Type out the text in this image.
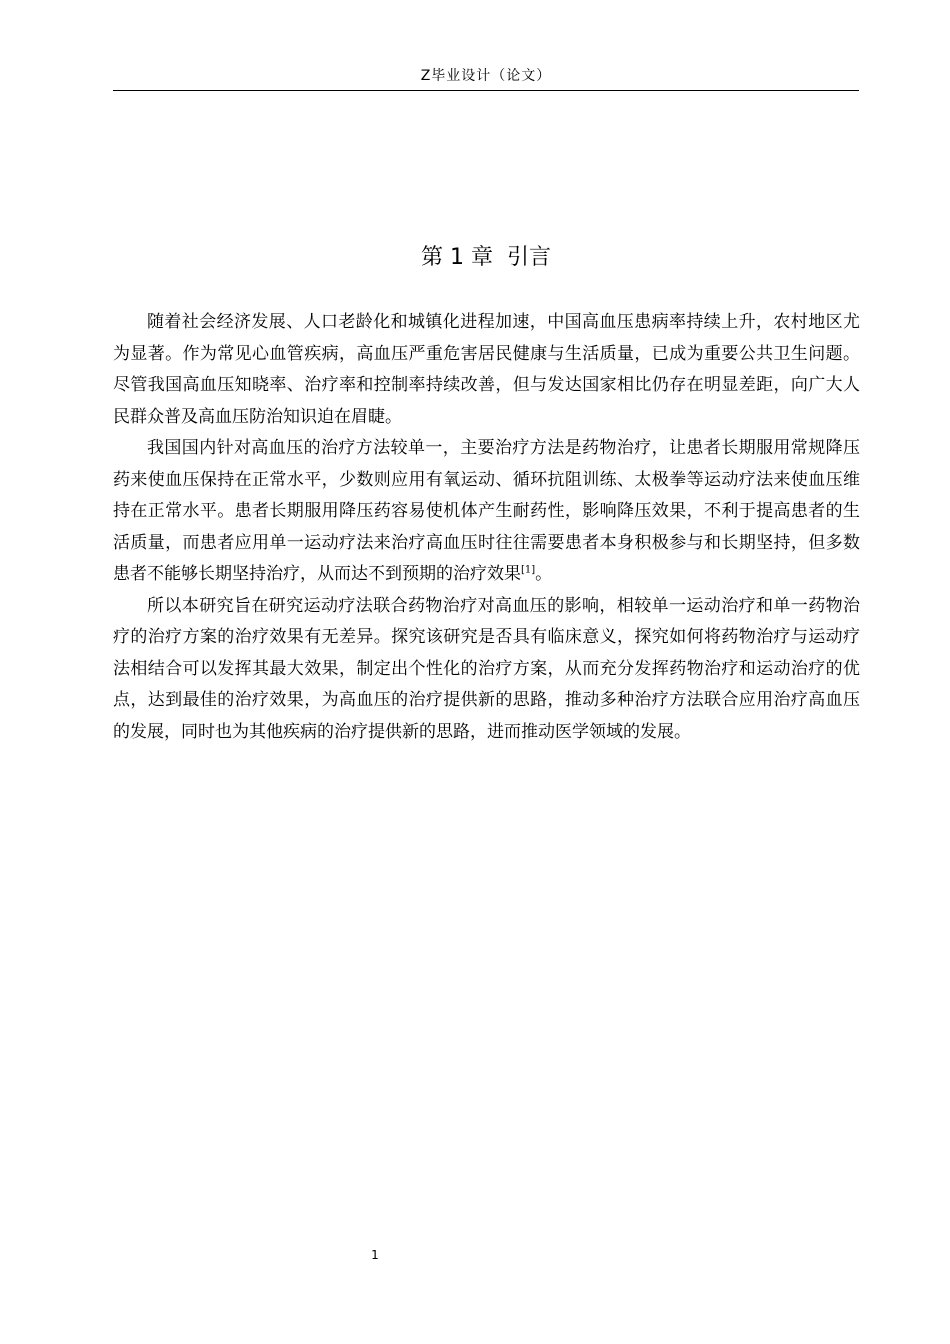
Z毕业设计（论文）
第 1 章 引言

随着社会经济发展、人口老龄化和城镇化进程加速，中国高血压患病率持续上升，农村地区尤为显著。作为常见心血管疾病，高血压严重危害居民健康与生活质量，已成为重要公共卫生问题。尽管我国高血压知晓率、治疗率和控制率持续改善，但与发达国家相比仍存在明显差距，向广大人民群众普及高血压防治知识迫在眉睫。

我国国内针对高血压的治疗方法较单一，主要治疗方法是药物治疗，让患者长期服用常规降压药来使血压保持在正常水平，少数则应用有氧运动、循环抗阻训练、太极拳等运动疗法来使血压维持在正常水平。患者长期服用降压药容易使机体产生耐药性，影响降压效果，不利于提高患者的生活质量，而患者应用单一运动疗法来治疗高血压时往往需要患者本身积极参与和长期坚持，但多数患者不能够长期坚持治疗，从而达不到预期的治疗效果[1]。

所以本研究旨在研究运动疗法联合药物治疗对高血压的影响，相较单一运动治疗和单一药物治疗的治疗方案的治疗效果有无差异。探究该研究是否具有临床意义，探究如何将药物治疗与运动疗法相结合可以发挥其最大效果，制定出个性化的治疗方案，从而充分发挥药物治疗和运动治疗的优点，达到最佳的治疗效果，为高血压的治疗提供新的思路，推动多种治疗方法联合应用治疗高血压的发展，同时也为其他疾病的治疗提供新的思路，进而推动医学领域的发展。

1
